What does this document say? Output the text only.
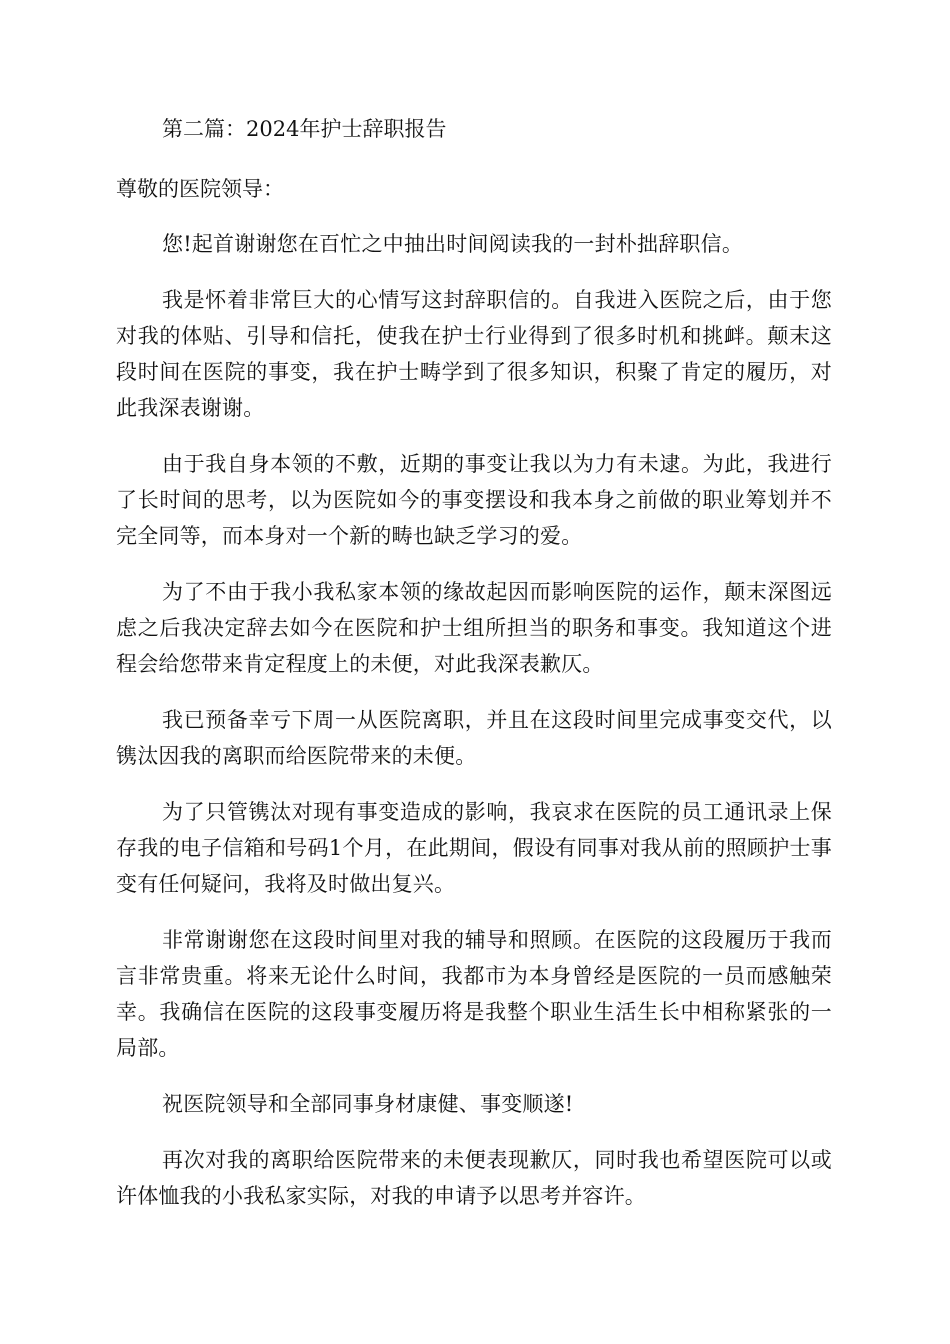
第二篇：2024年护士辞职报告

尊敬的医院领导：

您!起首谢谢您在百忙之中抽出时间阅读我的一封朴拙辞职信。

我是怀着非常巨大的心情写这封辞职信的。自我进入医院之后，由于您对我的体贴、引导和信托，使我在护士行业得到了很多时机和挑衅。颠末这段时间在医院的事变，我在护士畴学到了很多知识，积聚了肯定的履历，对此我深表谢谢。

由于我自身本领的不敷，近期的事变让我以为力有未逮。为此，我进行了长时间的思考，以为医院如今的事变摆设和我本身之前做的职业筹划并不完全同等，而本身对一个新的畴也缺乏学习的爱。

为了不由于我小我私家本领的缘故起因而影响医院的运作，颠末深图远虑之后我决定辞去如今在医院和护士组所担当的职务和事变。我知道这个进程会给您带来肯定程度上的未便，对此我深表歉仄。

我已预备幸亏下周一从医院离职，并且在这段时间里完成事变交代，以镌汰因我的离职而给医院带来的未便。

为了只管镌汰对现有事变造成的影响，我哀求在医院的员工通讯录上保存我的电子信箱和号码1个月，在此期间，假设有同事对我从前的照顾护士事变有任何疑问，我将及时做出复兴。

非常谢谢您在这段时间里对我的辅导和照顾。在医院的这段履历于我而言非常贵重。将来无论什么时间，我都市为本身曾经是医院的一员而感触荣幸。我确信在医院的这段事变履历将是我整个职业生活生长中相称紧张的一局部。

祝医院领导和全部同事身材康健、事变顺遂!

再次对我的离职给医院带来的未便表现歉仄，同时我也希望医院可以或许体恤我的小我私家实际，对我的申请予以思考并容许。
